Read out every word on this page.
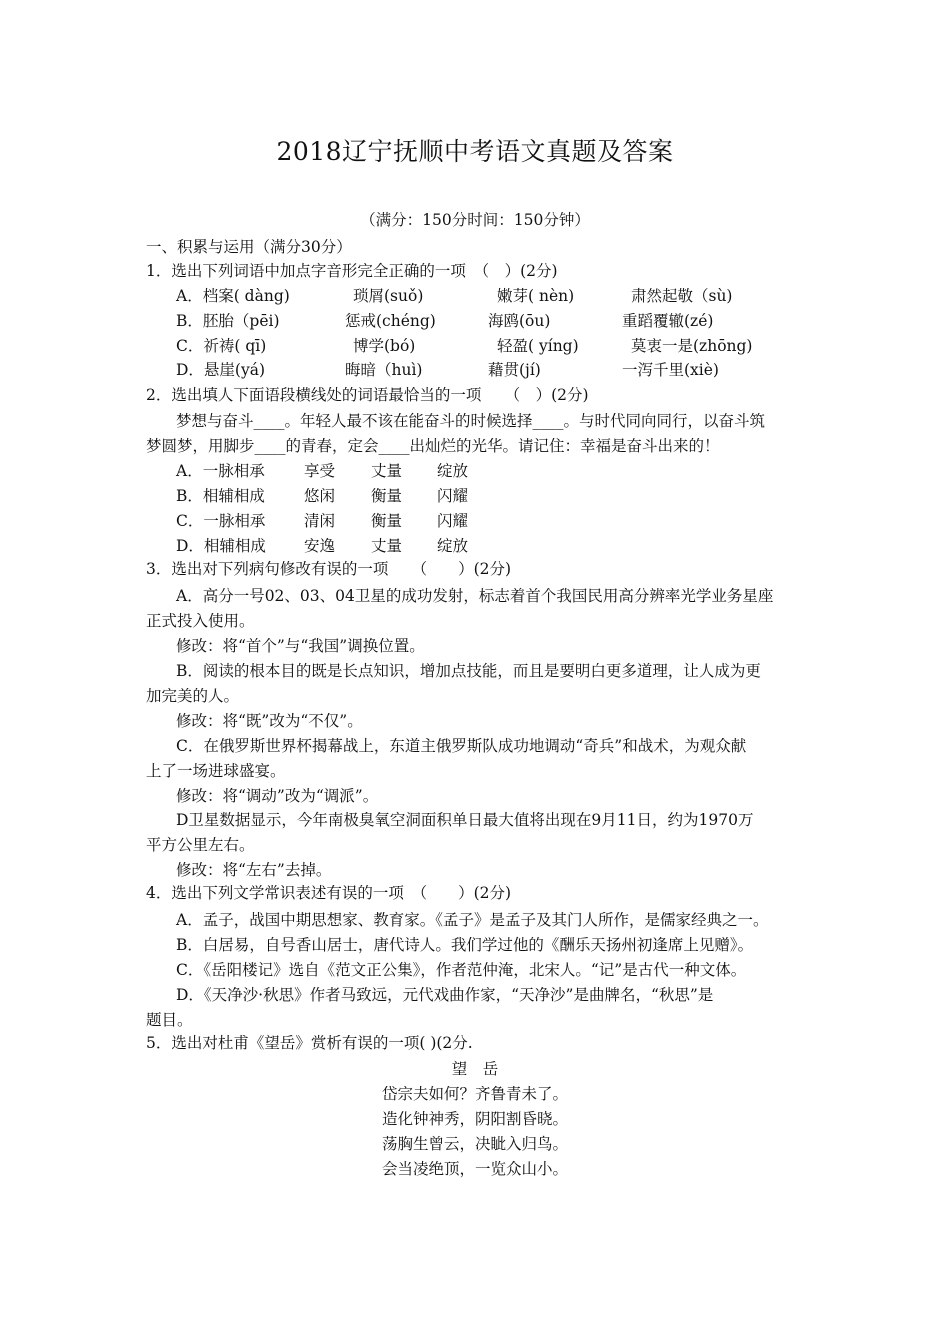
2018辽宁抚顺中考语文真题及答案
（满分：150分时间：150分钟）
一、积累与运用（满分30分）
1．选出下列词语中加点字音形完全正确的一项　（　）(2分)
A．档案( dàng)	琐屑(suǒ)	嫩芽( nèn)	肃然起敬（sù)
B．胚胎（pēi)	惩戒(chéng)	海鸥(ōu)	重蹈覆辙(zé)
C．祈祷( qī)	博学(bó)	轻盈( yíng)	莫衷一是(zhōng)
D．悬崖(yá)	晦暗（huì)	藉贯(jí)	一泻千里(xiè)
2．选出填人下面语段横线处的词语最恰当的一项　　（　）(2分)
梦想与奋斗____。年轻人最不该在能奋斗的时候选择____。与时代同向同行，以奋斗筑
梦圆梦，用脚步____的青春，定会____出灿烂的光华。请记住：幸福是奋斗出来的！
A．一脉相承	享受 丈量 绽放
B．相辅相成	悠闲 衡量 闪耀
C．一脉相承 清闲 衡量 闪耀
D．相辅相成 安逸 丈量 绽放
3．选出对下列病句修改有误的一项　　（　　）(2分)
A．高分一号02、03、04卫星的成功发射，标志着首个我国民用高分辨率光学业务星座
正式投入使用。
修改：将“首个”与“我国”调换位置。
B．阅读的根本目的既是长点知识，增加点技能，而且是要明白更多道理，让人成为更
加完美的人。
修改：将“既”改为“不仅”。
C．在俄罗斯世界杯揭幕战上，东道主俄罗斯队成功地调动“奇兵”和战术，为观众献
上了一场进球盛宴。
修改：将“调动”改为“调派”。
D卫星数据显示，今年南极臭氧空洞面积单日最大值将出现在9月11日，约为1970万
平方公里左右。
修改：将“左右”去掉。
4．选出下列文学常识表述有误的一项　（　　）(2分)
A．孟子，战国中期思想家、教育家。《孟子》是孟子及其门人所作，是儒家经典之一。
B．白居易，自号香山居士，唐代诗人。我们学过他的《酬乐天扬州初逢席上见赠》。
C．《岳阳楼记》选自《范文正公集》，作者范仲淹，北宋人。“记”是古代一种文体。
D．《天净沙·秋思》作者马致远，元代戏曲作家，“天净沙”是曲牌名，“秋思”是
题目。
5．选出对杜甫《望岳》赏析有误的一项( )(2分.
望　岳
岱宗夫如何？齐鲁青未了。
造化钟神秀，阴阳割昏晓。
荡胸生曾云，决眦入归鸟。
会当凌绝顶，一览众山小。
